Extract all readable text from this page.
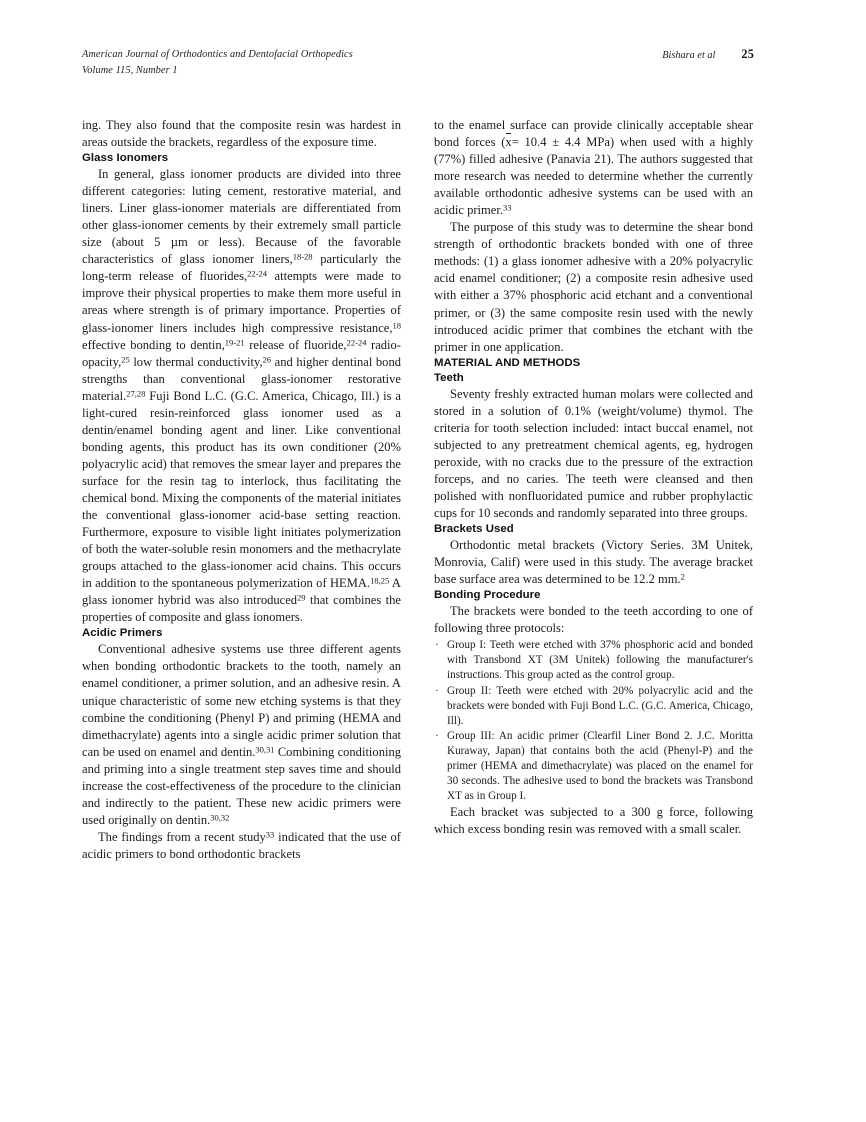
American Journal of Orthodontics and Dentofacial Orthopedics
Volume 115, Number 1
Bishara et al 25

ing. They also found that the composite resin was hardest in areas outside the brackets, regardless of the exposure time.

Glass Ionomers

In general, glass ionomer products are divided into three different categories: luting cement, restorative material, and liners. Liner glass-ionomer materials are differentiated from other glass-ionomer cements by their extremely small particle size (about 5 µm or less). Because of the favorable characteristics of glass ionomer liners,$^{18-28}$ particularly the long-term release of fluorides,$^{22-24}$ attempts were made to improve their physical properties to make them more useful in areas where strength is of primary importance. Properties of glass-ionomer liners includes high compressive resistance,$^{18}$ effective bonding to dentin,$^{19-21}$ release of fluoride,$^{22-24}$ radio-opacity,$^{25}$ low thermal conductivity,$^{26}$ and higher dentinal bond strengths than conventional glass-ionomer restorative material.$^{27,28}$ Fuji Bond L.C. (G.C. America, Chicago, Ill.) is a light-cured resin-reinforced glass ionomer used as a dentin/enamel bonding agent and liner. Like conventional bonding agents, this product has its own conditioner (20% polyacrylic acid) that removes the smear layer and prepares the surface for the resin tag to interlock, thus facilitating the chemical bond. Mixing the components of the material initiates the conventional glass-ionomer acid-base setting reaction. Furthermore, exposure to visible light initiates polymerization of both the water-soluble resin monomers and the methacrylate groups attached to the glass-ionomer acid chains. This occurs in addition to the spontaneous polymerization of HEMA.$^{18,25}$ A glass ionomer hybrid was also introduced$^{29}$ that combines the properties of composite and glass ionomers.

Acidic Primers

Conventional adhesive systems use three different agents when bonding orthodontic brackets to the tooth, namely an enamel conditioner, a primer solution, and an adhesive resin. A unique characteristic of some new etching systems is that they combine the conditioning (Phenyl P) and priming (HEMA and dimethacrylate) agents into a single acidic primer solution that can be used on enamel and dentin.$^{30,31}$ Combining conditioning and priming into a single treatment step saves time and should increase the cost-effectiveness of the procedure to the clinician and indirectly to the patient. These new acidic primers were used originally on dentin.$^{30,32}$

The findings from a recent study$^{33}$ indicated that the use of acidic primers to bond orthodontic brackets

to the enamel surface can provide clinically acceptable shear bond forces (x= 10.4 ± 4.4 MPa) when used with a highly (77%) filled adhesive (Panavia 21). The authors suggested that more research was needed to determine whether the currently available orthodontic adhesive systems can be used with an acidic primer.$^{33}$

The purpose of this study was to determine the shear bond strength of orthodontic brackets bonded with one of three methods: (1) a glass ionomer adhesive with a 20% polyacrylic acid enamel conditioner; (2) a composite resin adhesive used with either a 37% phosphoric acid etchant and a conventional primer, or (3) the same composite resin used with the newly introduced acidic primer that combines the etchant with the primer in one application.

MATERIAL AND METHODS
Teeth

Seventy freshly extracted human molars were collected and stored in a solution of 0.1% (weight/volume) thymol. The criteria for tooth selection included: intact buccal enamel, not subjected to any pretreatment chemical agents, eg, hydrogen peroxide, with no cracks due to the pressure of the extraction forceps, and no caries. The teeth were cleansed and then polished with nonfluoridated pumice and rubber prophylactic cups for 10 seconds and randomly separated into three groups.

Brackets Used

Orthodontic metal brackets (Victory Series. 3M Unitek, Monrovia, Calif) were used in this study. The average bracket base surface area was determined to be 12.2 mm.$^2$

Bonding Procedure

The brackets were bonded to the teeth according to one of following three protocols:

· Group I: Teeth were etched with 37% phosphoric acid and bonded with Transbond XT (3M Unitek) following the manufacturer's instructions. This group acted as the control group.
· Group II: Teeth were etched with 20% polyacrylic acid and the brackets were bonded with Fuji Bond L.C. (G.C. America, Chicago, Ill).
· Group III: An acidic primer (Clearfil Liner Bond 2. J.C. Moritta Kuraway, Japan) that contains both the acid (Phenyl-P) and the primer (HEMA and dimethacrylate) was placed on the enamel for 30 seconds. The adhesive used to bond the brackets was Transbond XT as in Group I.

Each bracket was subjected to a 300 g force, following which excess bonding resin was removed with a small scaler.
